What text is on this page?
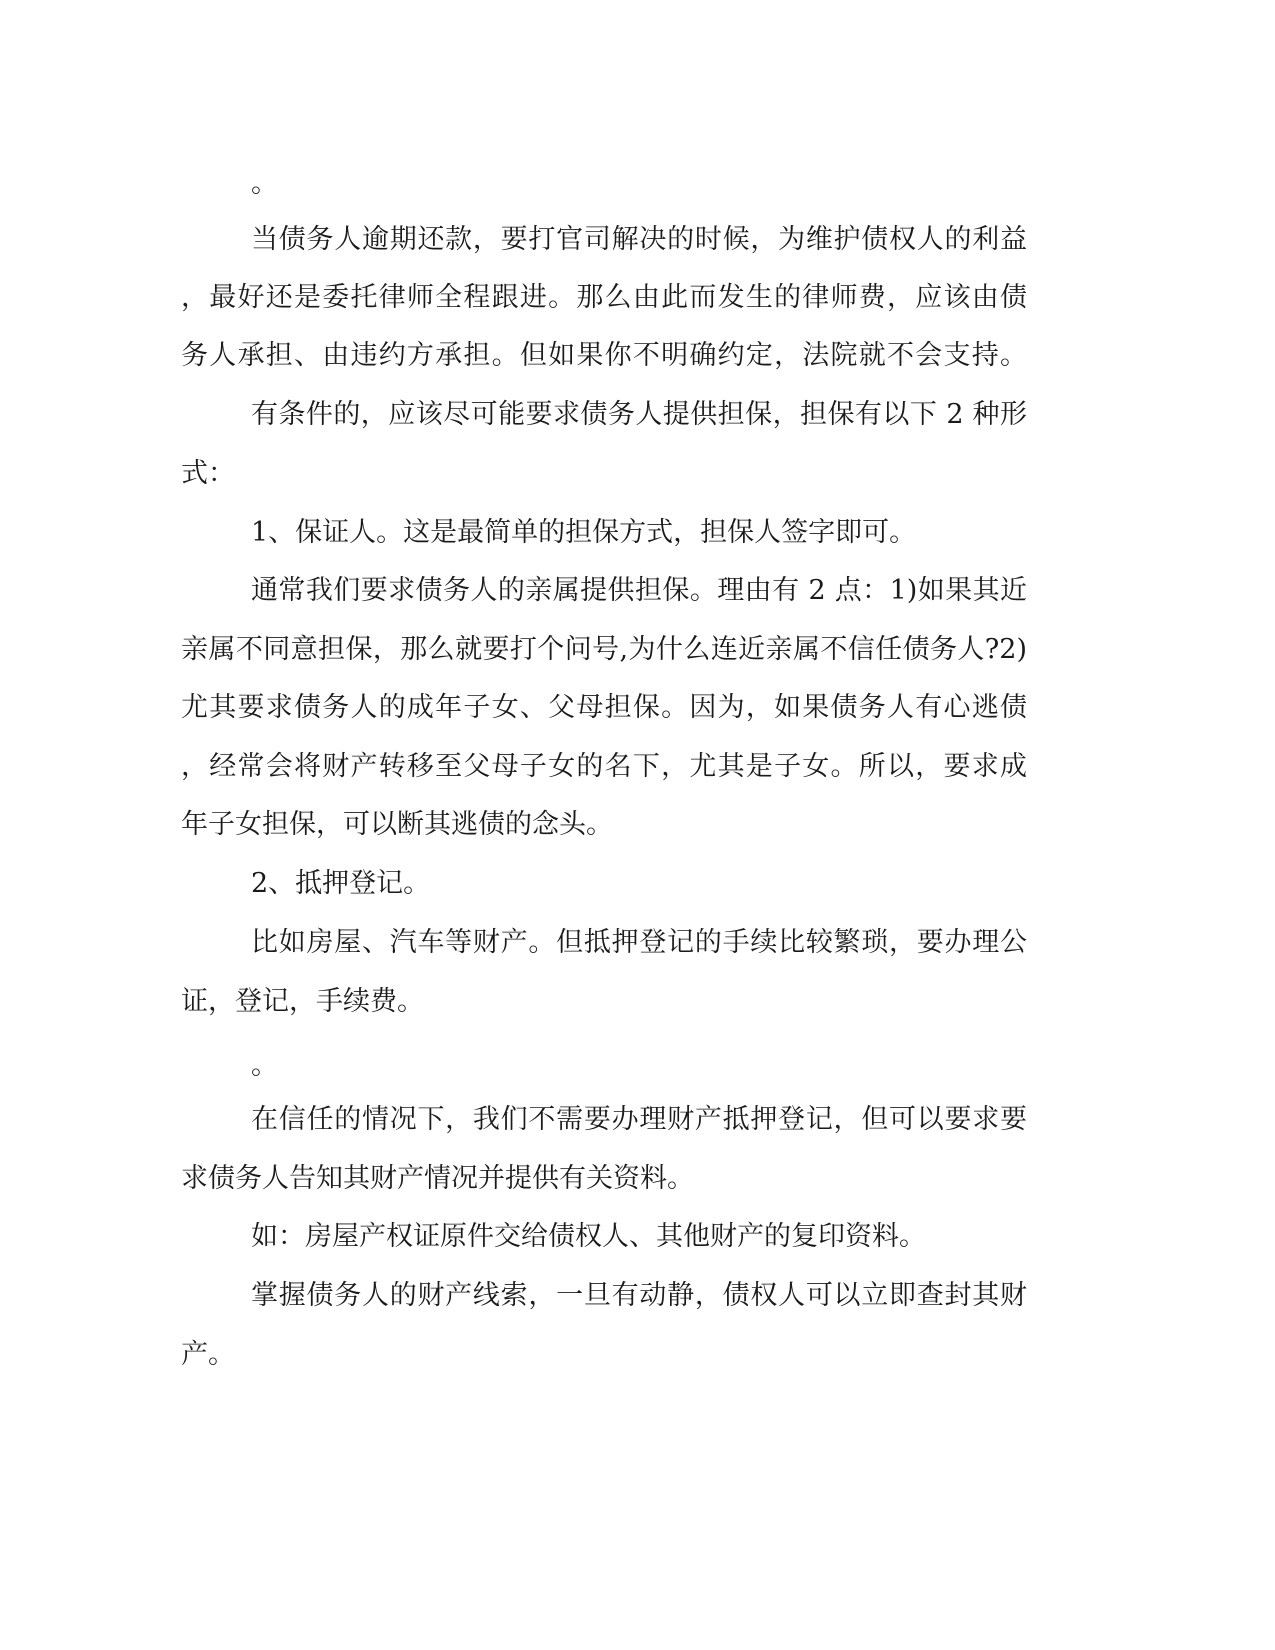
。
当债务人逾期还款，要打官司解决的时候，为维护债权人的利益
，最好还是委托律师全程跟进。那么由此而发生的律师费，应该由债
务人承担、由违约方承担。但如果你不明确约定，法院就不会支持。
有条件的，应该尽可能要求债务人提供担保，担保有以下 2 种形
式：
1、保证人。这是最简单的担保方式，担保人签字即可。
通常我们要求债务人的亲属提供担保。理由有 2 点：1)如果其近
亲属不同意担保，那么就要打个问号,为什么连近亲属不信任债务人?2)
尤其要求债务人的成年子女、父母担保。因为，如果债务人有心逃债
，经常会将财产转移至父母子女的名下，尤其是子女。所以，要求成
年子女担保，可以断其逃债的念头。
2、抵押登记。
比如房屋、汽车等财产。但抵押登记的手续比较繁琐，要办理公
证，登记，手续费。
。
在信任的情况下，我们不需要办理财产抵押登记，但可以要求要
求债务人告知其财产情况并提供有关资料。
如：房屋产权证原件交给债权人、其他财产的复印资料。
掌握债务人的财产线索，一旦有动静，债权人可以立即查封其财
产。
